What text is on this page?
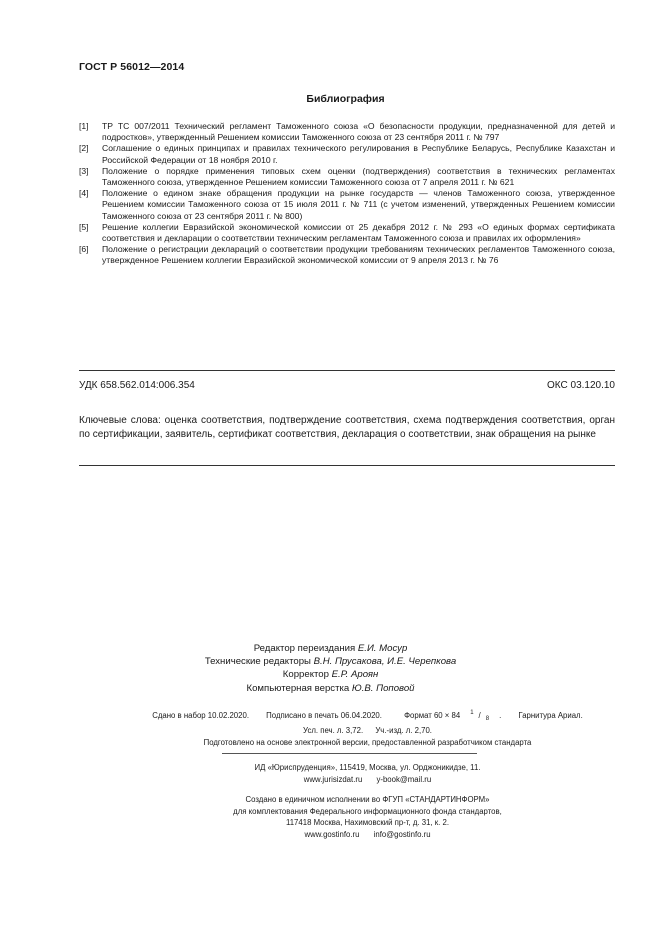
ГОСТ Р 56012—2014
Библиография
[1]	ТР ТС 007/2011 Технический регламент Таможенного союза «О безопасности продукции, предназначенной для детей и подростков», утвержденный Решением комиссии Таможенного союза от 23 сентября 2011 г. № 797
[2]	Соглашение о единых принципах и правилах технического регулирования в Республике Беларусь, Республике Казахстан и Российской Федерации от 18 ноября 2010 г.
[3]	Положение о порядке применения типовых схем оценки (подтверждения) соответствия в технических регламентах Таможенного союза, утвержденное Решением комиссии Таможенного союза от 7 апреля 2011 г. № 621
[4]	Положение о едином знаке обращения продукции на рынке государств — членов Таможенного союза, утвержденное Решением комиссии Таможенного союза от 15 июля 2011 г. № 711 (с учетом изменений, утвержденных Решением комиссии Таможенного союза от 23 сентября 2011 г. № 800)
[5]	Решение коллегии Евразийской экономической комиссии от 25 декабря 2012 г. № 293 «О единых формах сертификата соответствия и декларации о соответствии техническим регламентам Таможенного союза и правилах их оформления»
[6]	Положение о регистрации деклараций о соответствии продукции требованиям технических регламентов Таможенного союза, утвержденное Решением коллегии Евразийской экономической комиссии от 9 апреля 2013 г. № 76
УДК 658.562.014:006.354	ОКС 03.120.10
Ключевые слова: оценка соответствия, подтверждение соответствия, схема подтверждения соответствия, орган по сертификации, заявитель, сертификат соответствия, декларация о соответствии, знак обращения на рынке
Редактор переиздания Е.И. Мосур
Технические редакторы В.Н. Прусакова, И.Е. Черепкова
Корректор Е.Р. Ароян
Компьютерная верстка Ю.В. Поповой
Сдано в набор 10.02.2020. Подписано в печать 06.04.2020.	Формат 60 × 84 $^1$ / $_8$ . Гарнитура Ариал.
Усл. печ. л. 3,72. Уч.-изд. л. 2,70.
Подготовлено на основе электронной версии, предоставленной разработчиком стандарта
ИД «Юриспруденция», 115419, Москва, ул. Орджоникидзе, 11.
www.jurisizdat.ru y-book@mail.ru
Создано в единичном исполнении во ФГУП «СТАНДАРТИНФОРМ»
для комплектования Федерального информационного фонда стандартов,
117418 Москва, Нахимовский пр-т, д. 31, к. 2.
www.gostinfo.ru info@gostinfo.ru
